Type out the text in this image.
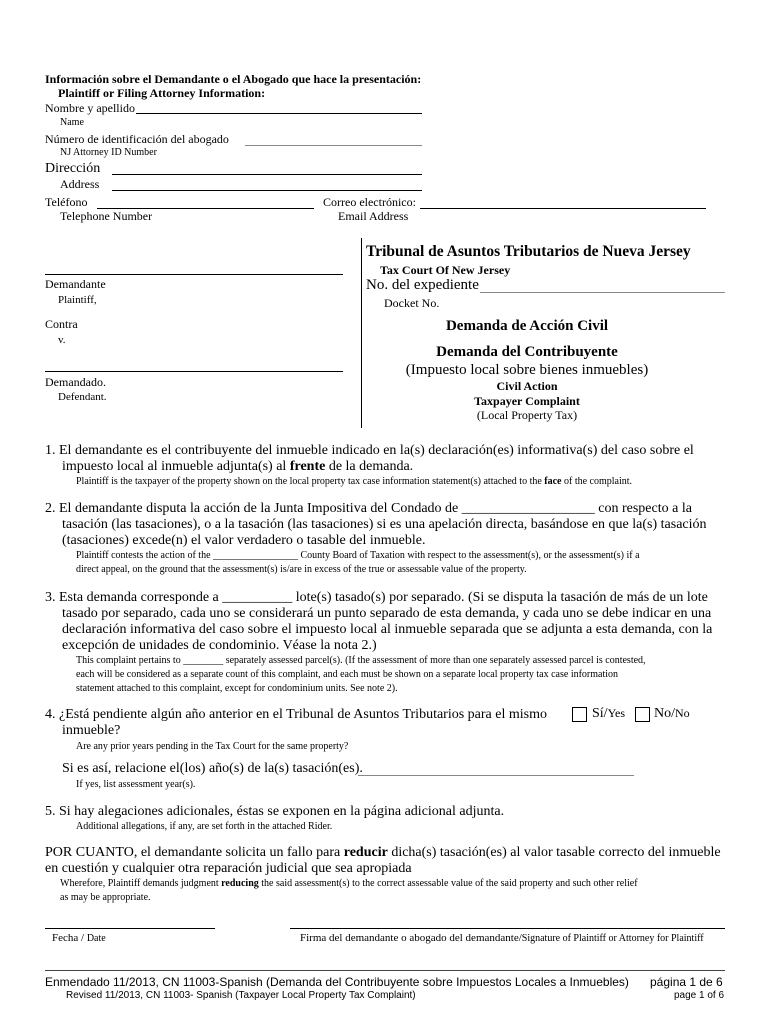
Información sobre el Demandante o el Abogado que hace la presentación:
Plaintiff or Filing Attorney Information:
Nombre y apellido
Name
Número de identificación del abogado
NJ Attorney ID Number
Dirección
Address
Teléfono
Telephone Number
Correo electrónico:
Email Address
Demandante
Plaintiff,
Contra
v.
Demandado.
Defendant.
Tribunal de Asuntos Tributarios de Nueva Jersey
Tax Court Of New Jersey
No. del expediente
Docket No.
Demanda de Acción Civil
Demanda del Contribuyente
(Impuesto local sobre bienes inmuebles)
Civil Action
Taxpayer Complaint
(Local Property Tax)
1. El demandante es el contribuyente del inmueble indicado en la(s) declaración(es) informativa(s) del caso sobre el
impuesto local al inmueble adjunta(s) al frente de la demanda.
Plaintiff is the taxpayer of the property shown on the local property tax case information statement(s) attached to the face of the complaint.
2. El demandante disputa la acción de la Junta Impositiva del Condado de ___________________ con respecto a la
tasación (las tasaciones), o a la tasación (las tasaciones) si es una apelación directa, basándose en que la(s) tasación
(tasaciones) excede(n) el valor verdadero o tasable del inmueble.
Plaintiff contests the action of the _________________ County Board of Taxation with respect to the assessment(s), or the assessment(s) if a
direct appeal, on the ground that the assessment(s) is/are in excess of the true or assessable value of the property.
3. Esta demanda corresponde a __________ lote(s) tasado(s) por separado. (Si se disputa la tasación de más de un lote
tasado por separado, cada uno se considerará un punto separado de esta demanda, y cada uno se debe indicar en una
declaración informativa del caso sobre el impuesto local al inmueble separada que se adjunta a esta demanda, con la
excepción de unidades de condominio. Véase la nota 2.)
This complaint pertains to ________ separately assessed parcel(s). (If the assessment of more than one separately assessed parcel is contested,
each will be considered as a separate count of this complaint, and each must be shown on a separate local property tax case information
statement attached to this complaint, except for condominium units. See note 2).
4. ¿Está pendiente algún año anterior en el Tribunal de Asuntos Tributarios para el mismo
inmueble?
Sí/Yes No/No
Are any prior years pending in the Tax Court for the same property?
Si es así, relacione el(los) año(s) de la(s) tasación(es).
If yes, list assessment year(s).
5. Si hay alegaciones adicionales, éstas se exponen en la página adicional adjunta.
Additional allegations, if any, are set forth in the attached Rider.
POR CUANTO, el demandante solicita un fallo para reducir dicha(s) tasación(es) al valor tasable correcto del inmueble
en cuestión y cualquier otra reparación judicial que sea apropiada
Wherefore, Plaintiff demands judgment reducing the said assessment(s) to the correct assessable value of the said property and such other relief
as may be appropriate.
Fecha / Date	Firma del demandante o abogado del demandante/Signature of Plaintiff or Attorney for Plaintiff
Enmendado 11/2013, CN 11003-Spanish (Demanda del Contribuyente sobre Impuestos Locales a Inmuebles)
Revised 11/2013, CN 11003- Spanish (Taxpayer Local Property Tax Complaint)
página 1 de 6
page 1 of 6
